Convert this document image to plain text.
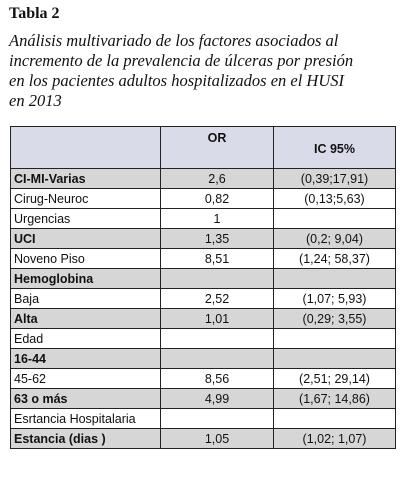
Tabla 2
Análisis multivariado de los factores asociados al
incremento de la prevalencia de úlceras por presión
en los pacientes adultos hospitalizados en el HUSI
en 2013
	OR	IC 95%
CI-MI-Varias	2,6	(0,39;17,91)
Cirug-Neuroc	0,82	(0,13;5,63)
Urgencias	1	
UCI	1,35	(0,2; 9,04)
Noveno Piso	8,51	(1,24; 58,37)
Hemoglobina		
Baja	2,52	(1,07; 5,93)
Alta	1,01	(0,29; 3,55)
Edad		
16-44		
45-62	8,56	(2,51; 29,14)
63 o más	4,99	(1,67; 14,86)
Esrtancia Hospitalaria		
Estancia (dias )	1,05	(1,02; 1,07)
